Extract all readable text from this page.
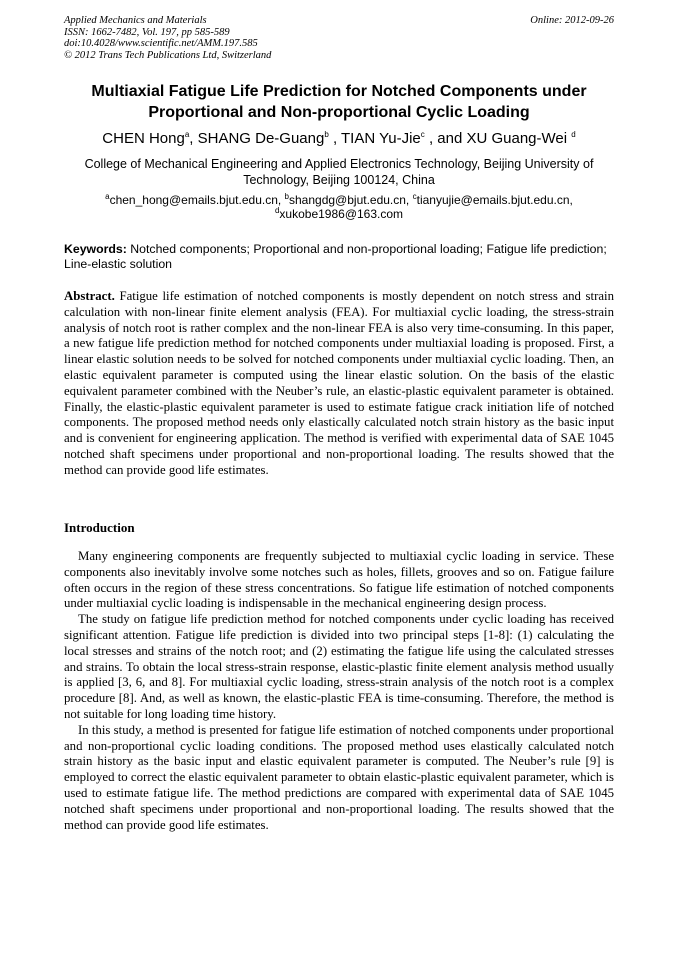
Applied Mechanics and Materials
ISSN: 1662-7482, Vol. 197, pp 585-589
doi:10.4028/www.scientific.net/AMM.197.585
© 2012 Trans Tech Publications Ltd, Switzerland
Online: 2012-09-26
Multiaxial Fatigue Life Prediction for Notched Components under
Proportional and Non-proportional Cyclic Loading
CHEN Hong$^a$, SHANG De-Guang$^b$ , TIAN Yu-Jie$^c$ , and XU Guang-Wei $^d$
College of Mechanical Engineering and Applied Electronics Technology, Beijing University of Technology, Beijing 100124, China
$^a$chen_hong@emails.bjut.edu.cn, $^b$shangdg@bjut.edu.cn, $^c$tianyujie@emails.bjut.edu.cn,
$^d$xukobe1986@163.com
Keywords: Notched components; Proportional and non-proportional loading; Fatigue life prediction; Line-elastic solution
Abstract. Fatigue life estimation of notched components is mostly dependent on notch stress and strain calculation with non-linear finite element analysis (FEA). For multiaxial cyclic loading, the stress-strain analysis of notch root is rather complex and the non-linear FEA is also very time-consuming. In this paper, a new fatigue life prediction method for notched components under multiaxial loading is proposed. First, a linear elastic solution needs to be solved for notched components under multiaxial cyclic loading. Then, an elastic equivalent parameter is computed using the linear elastic solution. On the basis of the elastic equivalent parameter combined with the Neuber’s rule, an elastic-plastic equivalent parameter is obtained. Finally, the elastic-plastic equivalent parameter is used to estimate fatigue crack initiation life of notched components. The proposed method needs only elastically calculated notch strain history as the basic input and is convenient for engineering application. The method is verified with experimental data of SAE 1045 notched shaft specimens under proportional and non-proportional loading. The results showed that the method can provide good life estimates.
Introduction

Many engineering components are frequently subjected to multiaxial cyclic loading in service. These components also inevitably involve some notches such as holes, fillets, grooves and so on. Fatigue failure often occurs in the region of these stress concentrations. So fatigue life estimation of notched components under multiaxial cyclic loading is indispensable in the mechanical engineering design process.

The study on fatigue life prediction method for notched components under cyclic loading has received significant attention. Fatigue life prediction is divided into two principal steps [1-8]: (1) calculating the local stresses and strains of the notch root; and (2) estimating the fatigue life using the calculated stresses and strains. To obtain the local stress-strain response, elastic-plastic finite element analysis method usually is applied [3, 6, and 8]. For multiaxial cyclic loading, stress-strain analysis of the notch root is a complex procedure [8]. And, as well as known, the elastic-plastic FEA is time-consuming. Therefore, the method is not suitable for long loading time history.

In this study, a method is presented for fatigue life estimation of notched components under proportional and non-proportional cyclic loading conditions. The proposed method uses elastically calculated notch strain history as the basic input and elastic equivalent parameter is computed. The Neuber’s rule [9] is employed to correct the elastic equivalent parameter to obtain elastic-plastic equivalent parameter, which is used to estimate fatigue life. The method predictions are compared with experimental data of SAE 1045 notched shaft specimens under proportional and non-proportional loading. The results showed that the method can provide good life estimates.
